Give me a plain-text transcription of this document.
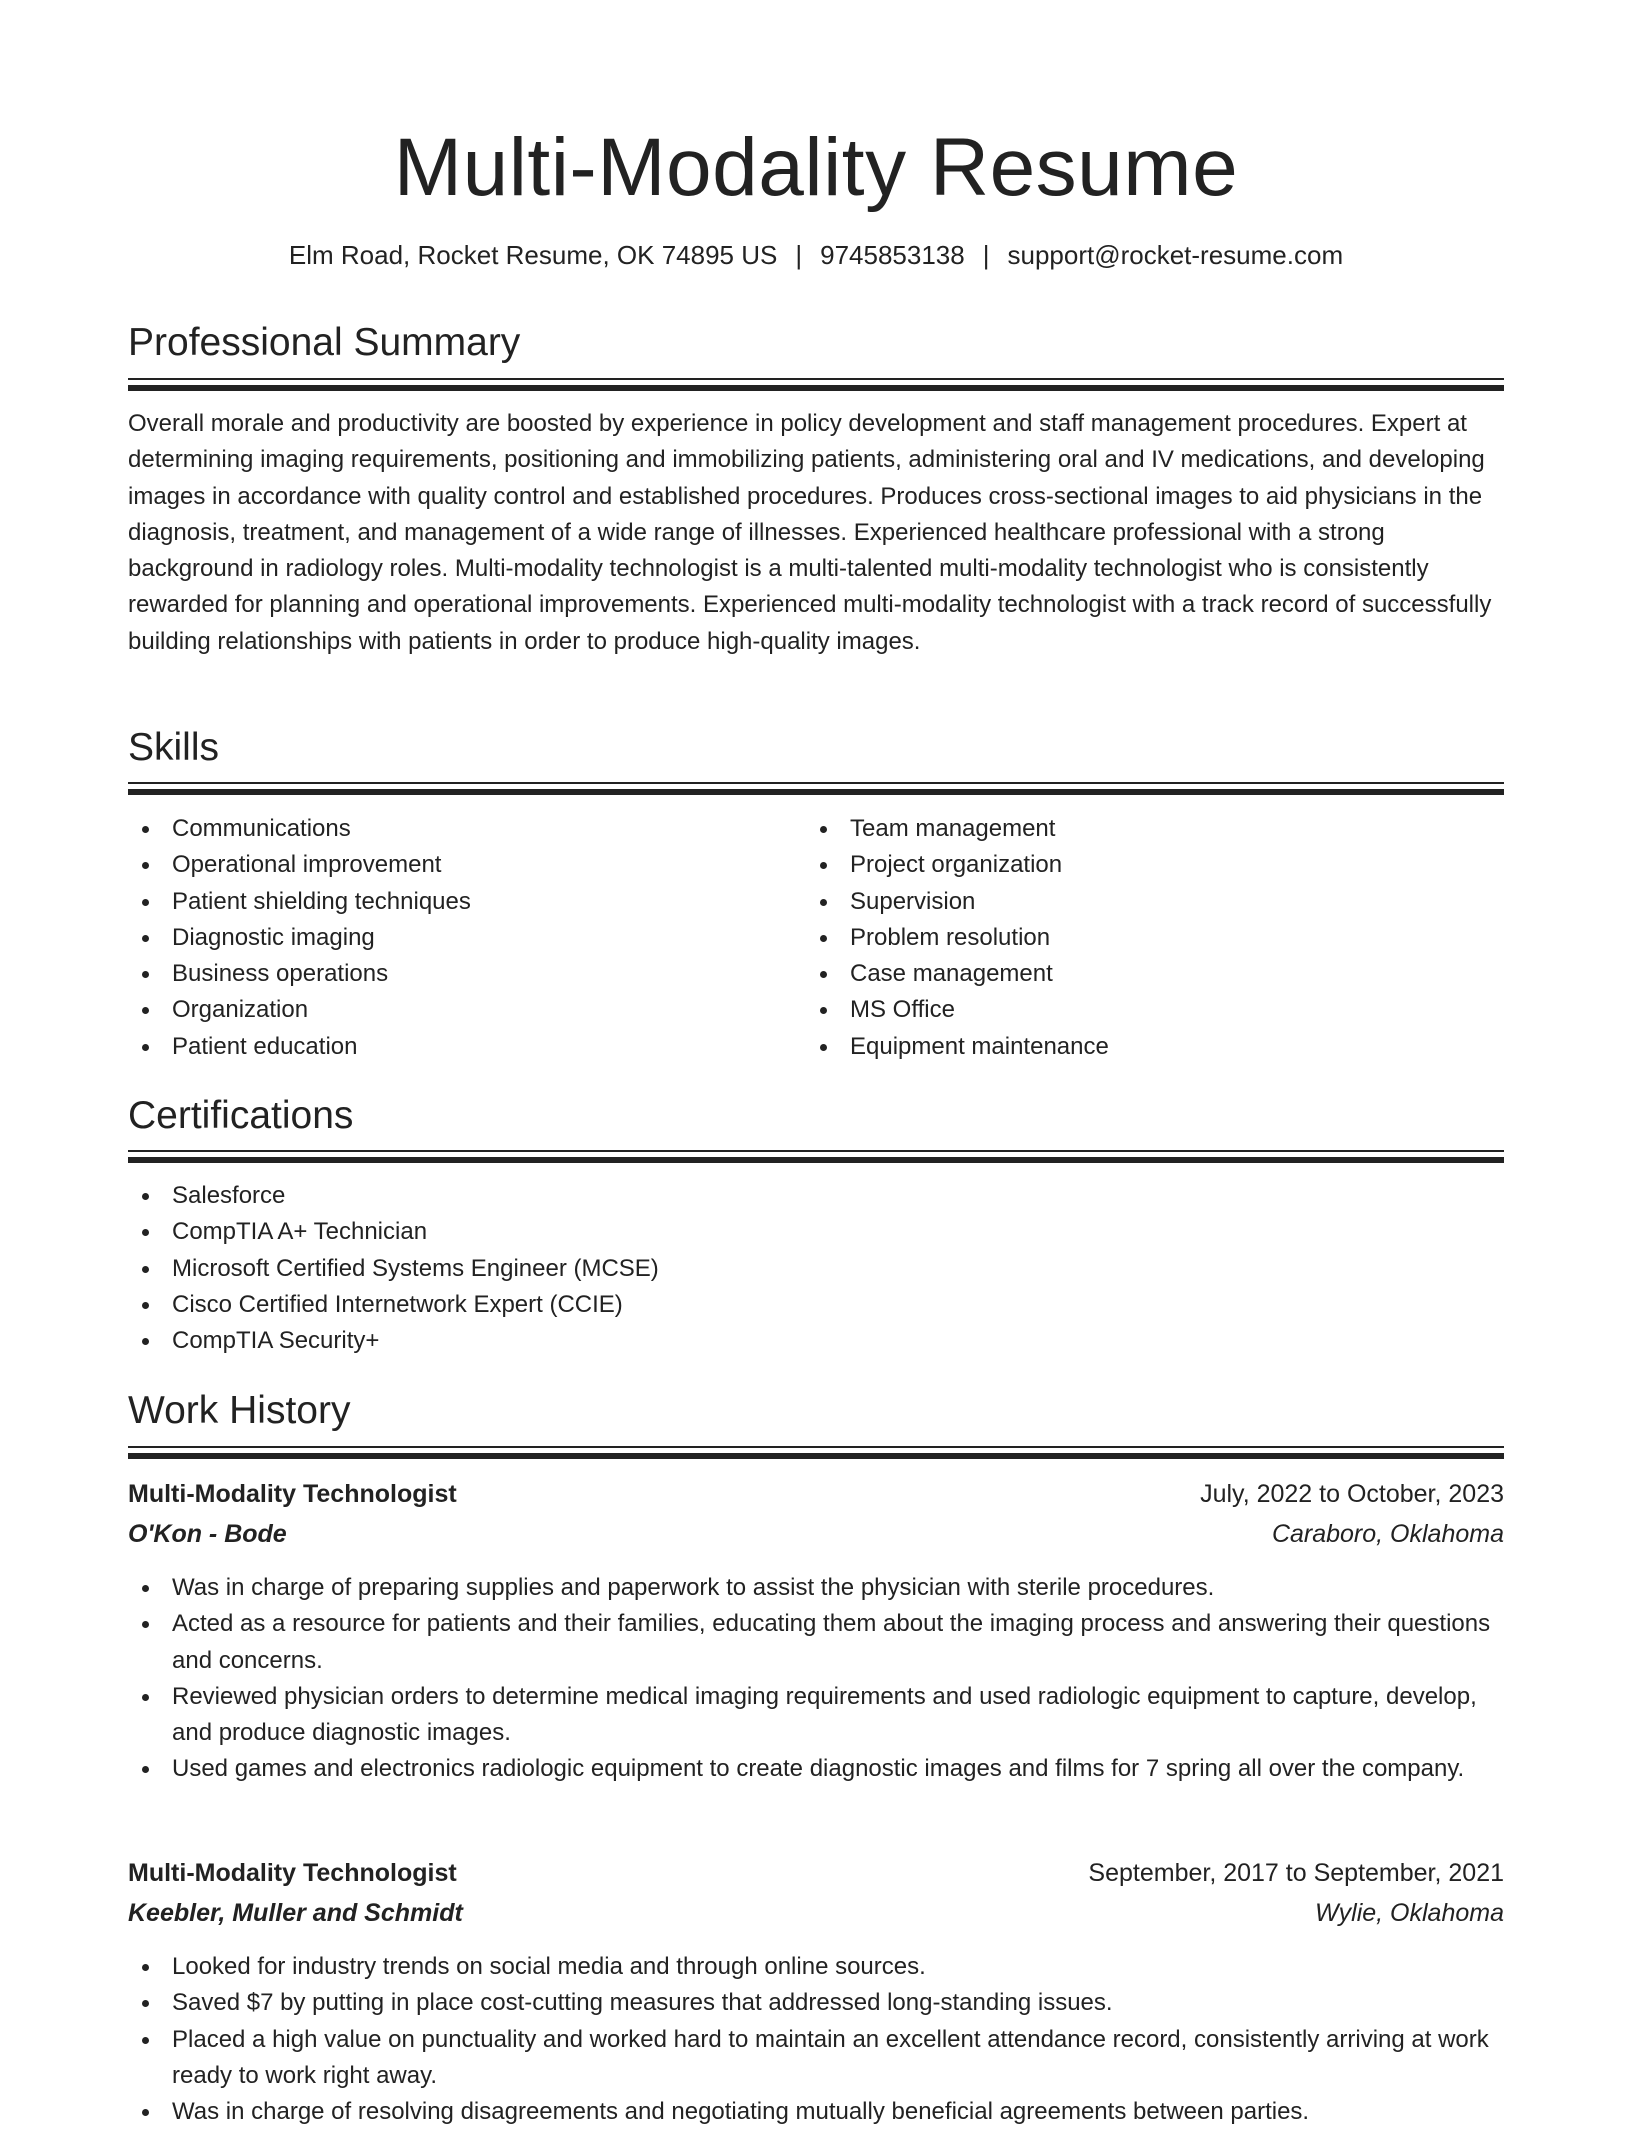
Multi-Modality Resume
Elm Road, Rocket Resume, OK 74895 US | 9745853138 | support@rocket-resume.com
Professional Summary

Overall morale and productivity are boosted by experience in policy development and staff management procedures. Expert at determining imaging requirements, positioning and immobilizing patients, administering oral and IV medications, and developing images in accordance with quality control and established procedures. Produces cross-sectional images to aid physicians in the diagnosis, treatment, and management of a wide range of illnesses. Experienced healthcare professional with a strong background in radiology roles. Multi-modality technologist is a multi-talented multi-modality technologist who is consistently rewarded for planning and operational improvements. Experienced multi-modality technologist with a track record of successfully building relationships with patients in order to produce high-quality images.

Skills
Communications
Operational improvement
Patient shielding techniques
Diagnostic imaging
Business operations
Organization
Patient education
Team management
Project organization
Supervision
Problem resolution
Case management
MS Office
Equipment maintenance
Certifications
Salesforce
CompTIA A+ Technician
Microsoft Certified Systems Engineer (MCSE)
Cisco Certified Internetwork Expert (CCIE)
CompTIA Security+
Work History
Multi-Modality Technologist	July, 2022 to October, 2023
O'Kon - Bode	Caraboro, Oklahoma
Was in charge of preparing supplies and paperwork to assist the physician with sterile procedures.
Acted as a resource for patients and their families, educating them about the imaging process and answering their questions and concerns.
Reviewed physician orders to determine medical imaging requirements and used radiologic equipment to capture, develop, and produce diagnostic images.
Used games and electronics radiologic equipment to create diagnostic images and films for 7 spring all over the company.
Multi-Modality Technologist	September, 2017 to September, 2021
Keebler, Muller and Schmidt	Wylie, Oklahoma
Looked for industry trends on social media and through online sources.
Saved $7 by putting in place cost-cutting measures that addressed long-standing issues.
Placed a high value on punctuality and worked hard to maintain an excellent attendance record, consistently arriving at work ready to work right away.
Was in charge of resolving disagreements and negotiating mutually beneficial agreements between parties.
